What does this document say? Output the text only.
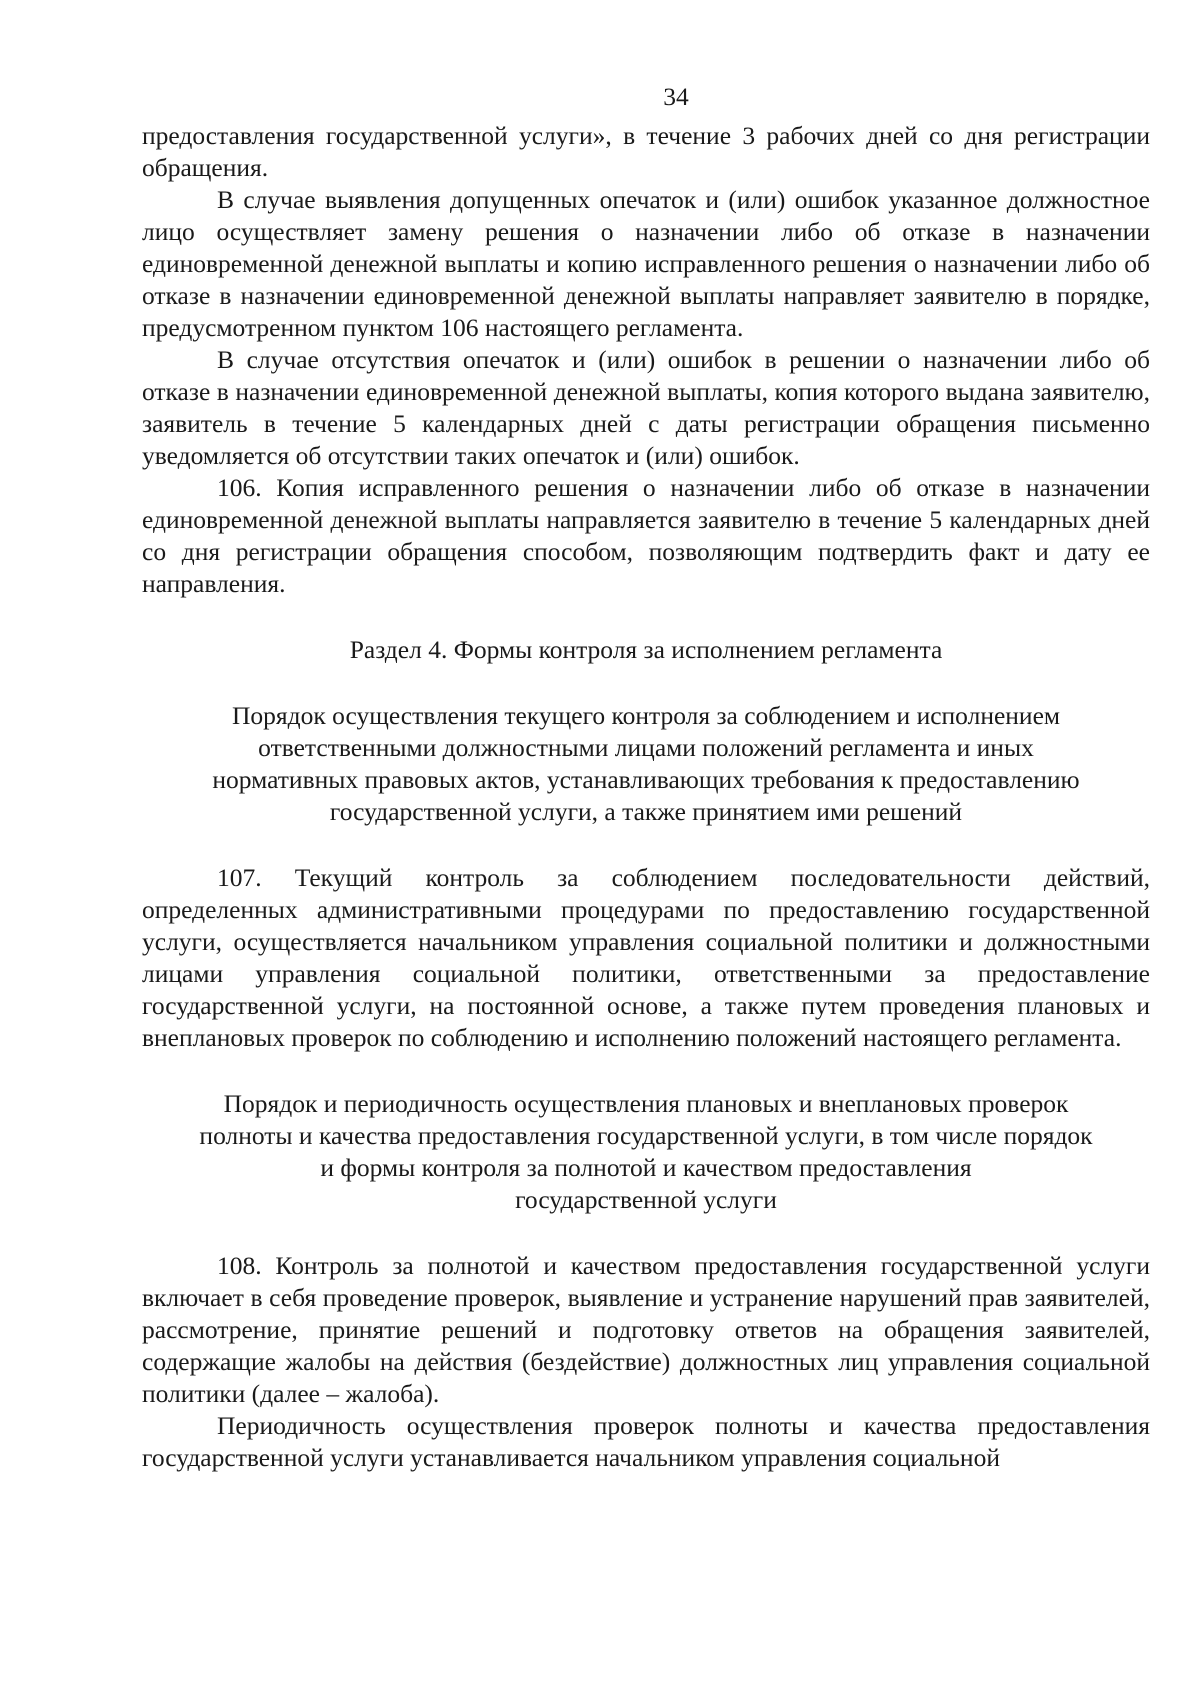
34

предоставления государственной услуги», в течение 3 рабочих дней со дня регистрации обращения.

В случае выявления допущенных опечаток и (или) ошибок указанное должностное лицо осуществляет замену решения о назначении либо об отказе в назначении единовременной денежной выплаты и копию исправленного решения о назначении либо об отказе в назначении единовременной денежной выплаты направляет заявителю в порядке, предусмотренном пунктом 106 настоящего регламента.

В случае отсутствия опечаток и (или) ошибок в решении о назначении либо об отказе в назначении единовременной денежной выплаты, копия которого выдана заявителю, заявитель в течение 5 календарных дней с даты регистрации обращения письменно уведомляется об отсутствии таких опечаток и (или) ошибок.

106. Копия исправленного решения о назначении либо об отказе в назначении единовременной денежной выплаты направляется заявителю в течение 5 календарных дней со дня регистрации обращения способом, позволяющим подтвердить факт и дату ее направления.

Раздел 4. Формы контроля за исполнением регламента

Порядок осуществления текущего контроля за соблюдением и исполнением

ответственными должностными лицами положений регламента и иных

нормативных правовых актов, устанавливающих требования к предоставлению

государственной услуги, а также принятием ими решений

107. Текущий контроль за соблюдением последовательности действий, определенных административными процедурами по предоставлению государственной услуги, осуществляется начальником управления социальной политики и должностными лицами управления социальной политики, ответственными за предоставление государственной услуги, на постоянной основе, а также путем проведения плановых и внеплановых проверок по соблюдению и исполнению положений настоящего регламента.

Порядок и периодичность осуществления плановых и внеплановых проверок

полноты и качества предоставления государственной услуги, в том числе порядок

и формы контроля за полнотой и качеством предоставления

государственной услуги

108. Контроль за полнотой и качеством предоставления государственной услуги включает в себя проведение проверок, выявление и устранение нарушений прав заявителей, рассмотрение, принятие решений и подготовку ответов на обращения заявителей, содержащие жалобы на действия (бездействие) должностных лиц управления социальной политики (далее – жалоба).

Периодичность осуществления проверок полноты и качества предоставления государственной услуги устанавливается начальником управления социальной
